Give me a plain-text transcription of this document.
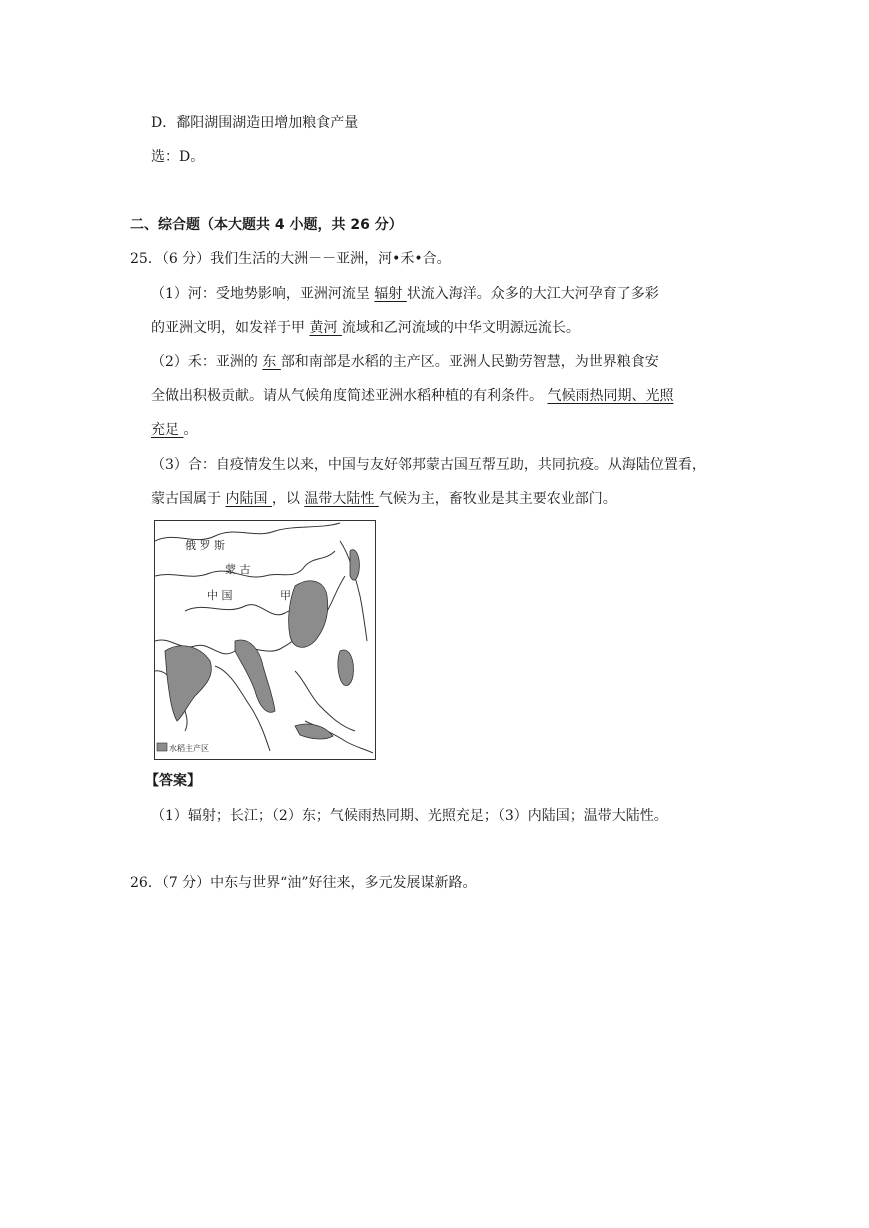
D．鄱阳湖围湖造田增加粮食产量
选：D。
二、综合题（本大题共 4 小题，共 26 分）
25．（6 分）我们生活的大洲－－亚洲，河•禾•合。
（1）河：受地势影响，亚洲河流呈 辐射 状流入海洋。众多的大江大河孕育了多彩
的亚洲文明，如发祥于甲 黄河 流域和乙河流域的中华文明源远流长。
（2）禾：亚洲的 东 部和南部是水稻的主产区。亚洲人民勤劳智慧，为世界粮食安
全做出积极贡献。请从气候角度简述亚洲水稻种植的有利条件。 气候雨热同期、光照
充足 。
（3）合：自疫情发生以来，中国与友好邻邦蒙古国互帮互助，共同抗疫。从海陆位置看，
蒙古国属于 内陆国 ，以 温带大陆性 气候为主，畜牧业是其主要农业部门。
俄 罗 斯
蒙 古
中 国	甲
水稻主产区
【答案】
（1）辐射；长江；（2）东；气候雨热同期、光照充足；（3）内陆国；温带大陆性。
26．（7 分）中东与世界“油”好往来，多元发展谋新路。
